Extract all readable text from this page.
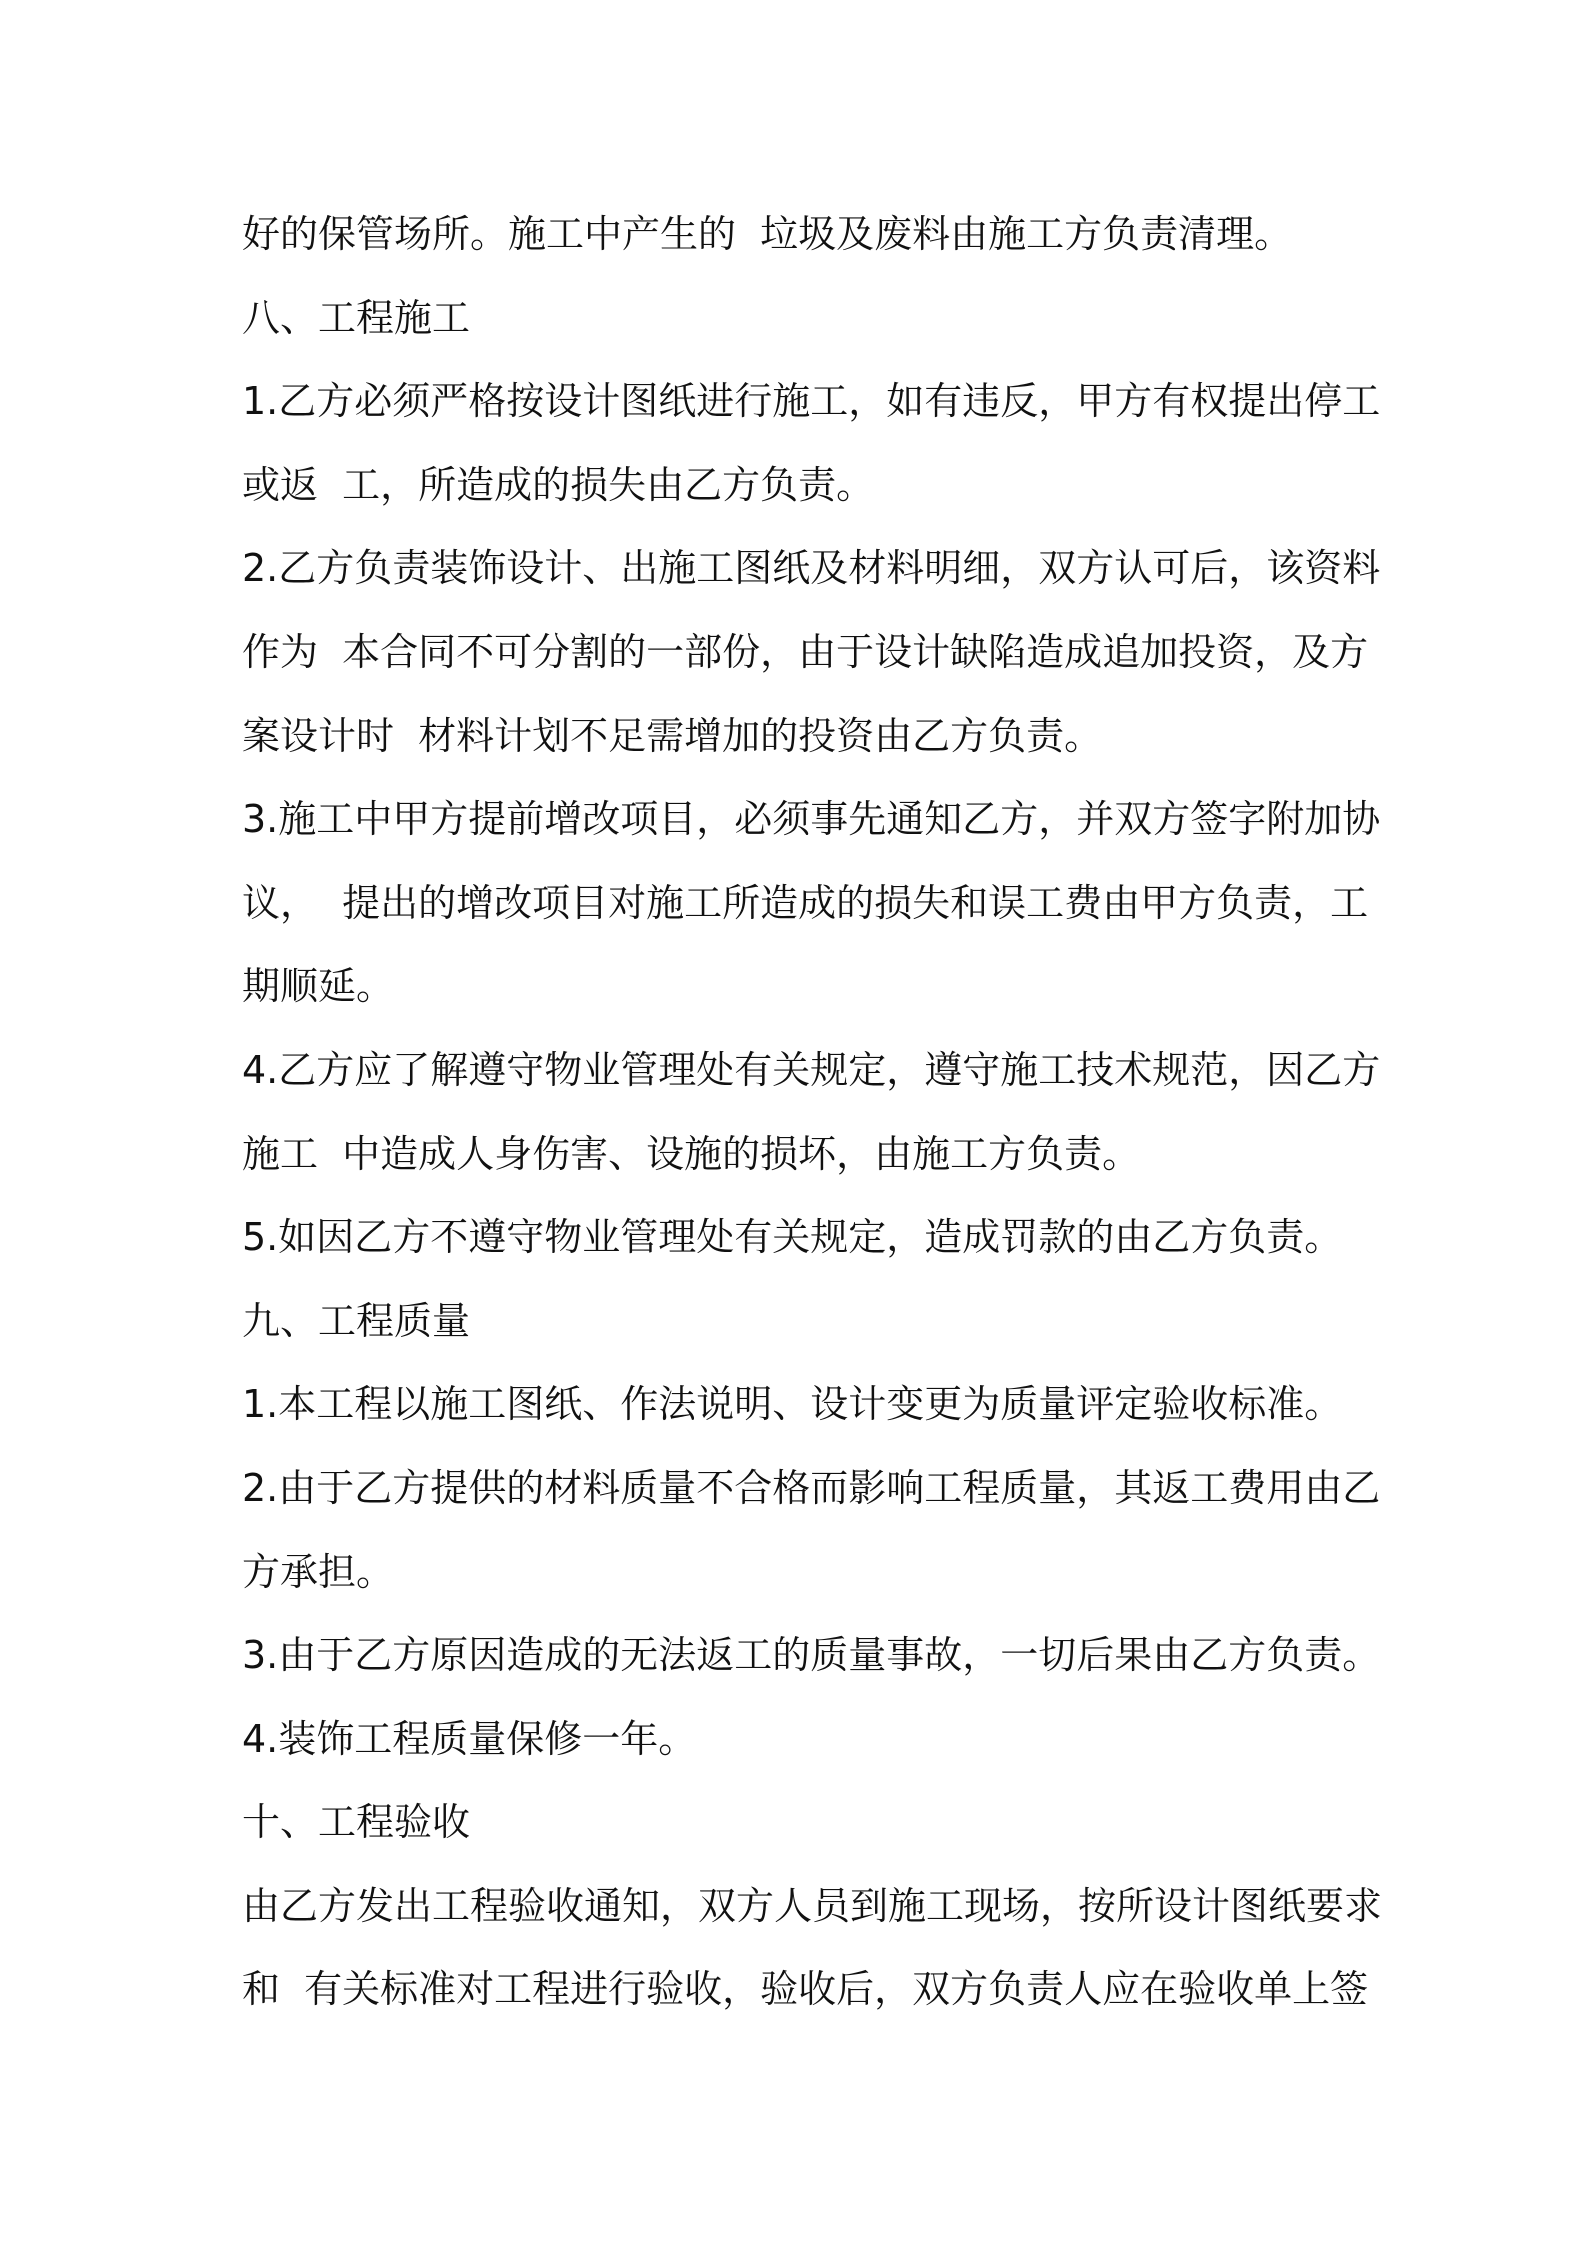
好的保管场所。施工中产生的  垃圾及废料由施工方负责清理。
八、工程施工
1.乙方必须严格按设计图纸进行施工，如有违反，甲方有权提出停工
或返  工，所造成的损失由乙方负责。
2.乙方负责装饰设计、出施工图纸及材料明细，双方认可后，该资料
作为  本合同不可分割的一部份，由于设计缺陷造成追加投资，及方
案设计时  材料计划不足需增加的投资由乙方负责。
3.施工中甲方提前增改项目，必须事先通知乙方，并双方签字附加协
议，  提出的增改项目对施工所造成的损失和误工费由甲方负责，工
期顺延。
4.乙方应了解遵守物业管理处有关规定，遵守施工技术规范，因乙方
施工  中造成人身伤害、设施的损坏，由施工方负责。
5.如因乙方不遵守物业管理处有关规定，造成罚款的由乙方负责。
九、工程质量
1.本工程以施工图纸、作法说明、设计变更为质量评定验收标准。
2.由于乙方提供的材料质量不合格而影响工程质量，其返工费用由乙
方承担。
3.由于乙方原因造成的无法返工的质量事故，一切后果由乙方负责。
4.装饰工程质量保修一年。
十、工程验收
由乙方发出工程验收通知，双方人员到施工现场，按所设计图纸要求
和  有关标准对工程进行验收，验收后，双方负责人应在验收单上签
